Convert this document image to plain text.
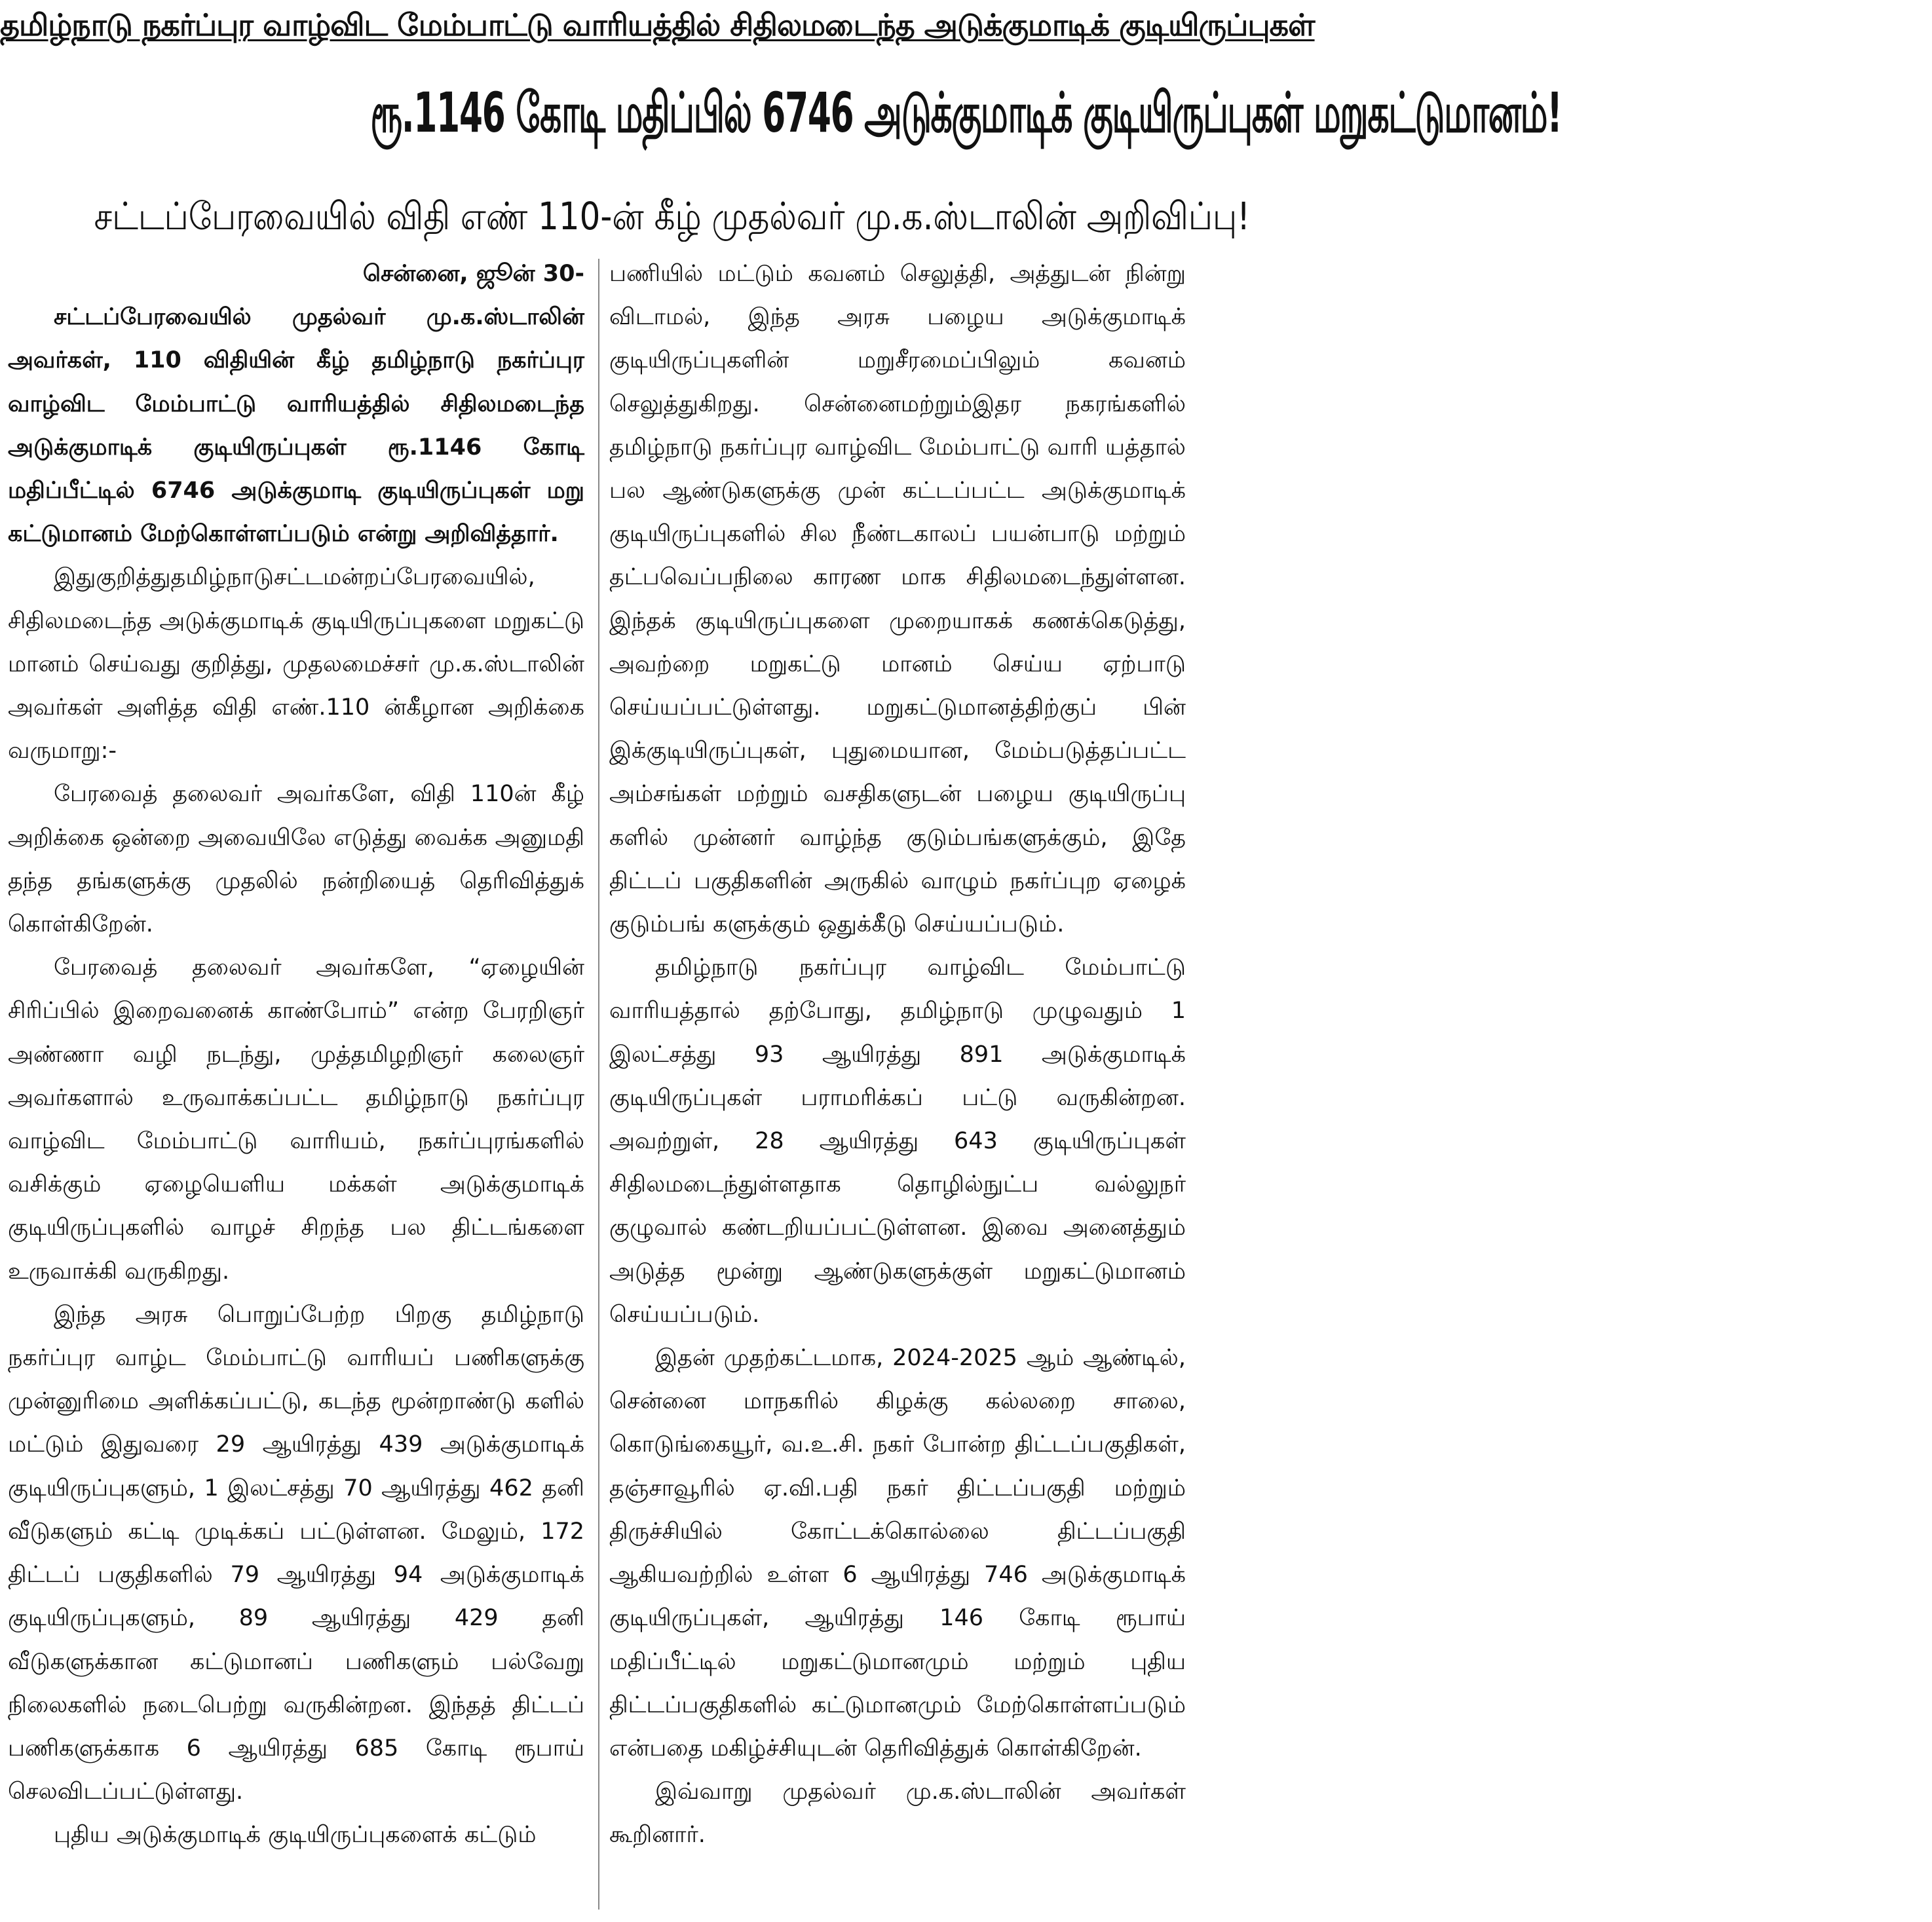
தமிழ்நாடு நகர்ப்புர வாழ்விட மேம்பாட்டு வாரியத்தில் சிதிலமடைந்த அடுக்குமாடிக் குடியிருப்புகள்
ரூ.1146 கோடி மதிப்பில் 6746 அடுக்குமாடிக் குடியிருப்புகள் மறுகட்டுமானம்!
சட்டப்பேரவையில் விதி எண் 110-ன் கீழ் முதல்வர் மு.க.ஸ்டாலின் அறிவிப்பு!

சென்னை, ஜூன் 30-

சட்டப்பேரவையில் முதல்வர் மு.க.ஸ்டாலின் அவர்கள், 110 விதியின் கீழ் தமிழ்நாடு நகர்ப்புர வாழ்விட மேம்பாட்டு வாரியத்தில் சிதிலமடைந்த அடுக்குமாடிக் குடியிருப்புகள் ரூ.1146 கோடி மதிப்பீட்டில் 6746 அடுக்குமாடி குடியிருப்புகள் மறு கட்டுமானம் மேற்கொள்ளப்படும் என்று அறிவித்தார்.

இதுகுறித்துதமிழ்நாடுசட்டமன்றப்பேரவையில், சிதிலமடைந்த அடுக்குமாடிக் குடியிருப்புகளை மறுகட்டு மானம் செய்வது குறித்து, முதலமைச்சர் மு.க.ஸ்டாலின் அவர்கள் அளித்த விதி எண்.110 ன்கீழான அறிக்கை வருமாறு:-

பேரவைத் தலைவர் அவர்களே, விதி 110ன் கீழ் அறிக்கை ஒன்றை அவையிலே எடுத்து வைக்க அனுமதி தந்த தங்களுக்கு முதலில் நன்றியைத் தெரிவித்துக் கொள்கிறேன்.

பேரவைத் தலைவர் அவர்களே, “ஏழையின் சிரிப்பில் இறைவனைக் காண்போம்” என்ற பேரறிஞர் அண்ணா வழி நடந்து, முத்தமிழறிஞர் கலைஞர் அவர்களால் உருவாக்கப்பட்ட தமிழ்நாடு நகர்ப்புர வாழ்விட மேம்பாட்டு வாரியம், நகர்ப்புரங்களில் வசிக்கும் ஏழையெளிய மக்கள் அடுக்குமாடிக் குடியிருப்புகளில் வாழச் சிறந்த பல திட்டங்களை உருவாக்கி வருகிறது.

இந்த அரசு பொறுப்பேற்ற பிறகு தமிழ்நாடு நகர்ப்புர வாழ்ட மேம்பாட்டு வாரியப் பணிகளுக்கு முன்னுரிமை அளிக்கப்பட்டு, கடந்த மூன்றாண்டு களில் மட்டும் இதுவரை 29 ஆயிரத்து 439 அடுக்குமாடிக் குடியிருப்புகளும், 1 இலட்சத்து 70 ஆயிரத்து 462 தனி வீடுகளும் கட்டி முடிக்கப் பட்டுள்ளன. மேலும், 172 திட்டப் பகுதிகளில் 79 ஆயிரத்து 94 அடுக்குமாடிக் குடியிருப்புகளும், 89 ஆயிரத்து 429 தனி வீடுகளுக்கான கட்டுமானப் பணிகளும் பல்வேறு நிலைகளில் நடைபெற்று வருகின்றன. இந்தத் திட்டப் பணிகளுக்காக 6 ஆயிரத்து 685 கோடி ரூபாய் செலவிடப்பட்டுள்ளது.

புதிய அடுக்குமாடிக் குடியிருப்புகளைக் கட்டும்

பணியில் மட்டும் கவனம் செலுத்தி, அத்துடன் நின்று விடாமல், இந்த அரசு பழைய அடுக்குமாடிக் குடியிருப்புகளின் மறுசீரமைப்பிலும் கவனம் செலுத்துகிறது. சென்னைமற்றும்இதர நகரங்களில் தமிழ்நாடு நகர்ப்புர வாழ்விட மேம்பாட்டு வாரி யத்தால் பல ஆண்டுகளுக்கு முன் கட்டப்பட்ட அடுக்குமாடிக் குடியிருப்புகளில் சில நீண்டகாலப் பயன்பாடு மற்றும் தட்பவெப்பநிலை காரண மாக சிதிலமடைந்துள்ளன. இந்தக் குடியிருப்புகளை முறையாகக் கணக்கெடுத்து, அவற்றை மறுகட்டு மானம் செய்ய ஏற்பாடு செய்யப்பட்டுள்ளது. மறுகட்டுமானத்திற்குப் பின் இக்குடியிருப்புகள், புதுமையான, மேம்படுத்தப்பட்ட அம்சங்கள் மற்றும் வசதிகளுடன் பழைய குடியிருப்பு களில் முன்னர் வாழ்ந்த குடும்பங்களுக்கும், இதே திட்டப் பகுதிகளின் அருகில் வாழும் நகர்ப்புற ஏழைக் குடும்பங் களுக்கும் ஒதுக்கீடு செய்யப்படும்.

தமிழ்நாடு நகர்ப்புர வாழ்விட மேம்பாட்டு வாரியத்தால் தற்போது, தமிழ்நாடு முழுவதும் 1 இலட்சத்து 93 ஆயிரத்து 891 அடுக்குமாடிக் குடியிருப்புகள் பராமரிக்கப் பட்டு வருகின்றன. அவற்றுள், 28 ஆயிரத்து 643 குடியிருப்புகள் சிதிலமடைந்துள்ளதாக தொழில்நுட்ப வல்லுநர் குழுவால் கண்டறியப்பட்டுள்ளன. இவை அனைத்தும் அடுத்த மூன்று ஆண்டுகளுக்குள் மறுகட்டுமானம் செய்யப்படும்.

இதன் முதற்கட்டமாக, 2024-2025 ஆம் ஆண்டில், சென்னை மாநகரில் கிழக்கு கல்லறை சாலை, கொடுங்கையூர், வ.உ.சி. நகர் போன்ற திட்டப்பகுதிகள், தஞ்சாவூரில் ஏ.வி.பதி நகர் திட்டப்பகுதி மற்றும் திருச்சியில் கோட்டக்கொல்லை திட்டப்பகுதி ஆகியவற்றில் உள்ள 6 ஆயிரத்து 746 அடுக்குமாடிக் குடியிருப்புகள், ஆயிரத்து 146 கோடி ரூபாய் மதிப்பீட்டில் மறுகட்டுமானமும் மற்றும் புதிய திட்டப்பகுதிகளில் கட்டுமானமும் மேற்கொள்ளப்படும் என்பதை மகிழ்ச்சியுடன் தெரிவித்துக் கொள்கிறேன்.

இவ்வாறு முதல்வர் மு.க.ஸ்டாலின் அவர்கள் கூறினார்.
